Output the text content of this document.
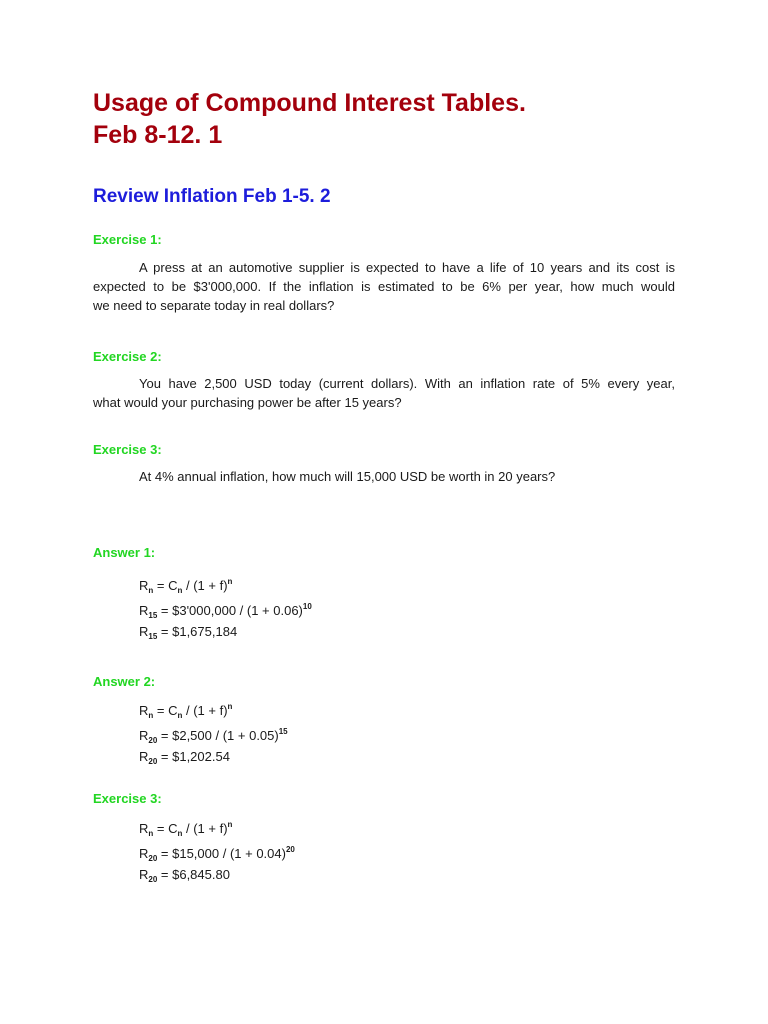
Usage of Compound Interest Tables.
Feb 8-12. 1
Review Inflation Feb 1-5. 2
Exercise 1:

A press at an automotive supplier is expected to have a life of 10 years and its cost is
expected to be $3'000,000. If the inflation is estimated to be 6% per year, how much would
we need to separate today in real dollars?

Exercise 2:

You have 2,500 USD today (current dollars). With an inflation rate of 5% every year,
what would your purchasing power be after 15 years?

Exercise 3:

At 4% annual inflation, how much will 15,000 USD be worth in 20 years?

Answer 1:
$R_n = C_n / (1 + f)^n$
$R_{15}$ = $3'000,000 / $(1 + 0.06)^{10}$
$R_{15}$ = $1,675,184
Answer 2:
$R_n = C_n / (1 + f)^n$
$R_{20}$ = $2,500 / $(1 + 0.05)^{15}$
$R_{20}$ = $1,202.54
Exercise 3:
$R_n = C_n / (1 + f)^n$
$R_{20}$ = $15,000 / $(1 + 0.04)^{20}$
$R_{20}$ = $6,845.80
